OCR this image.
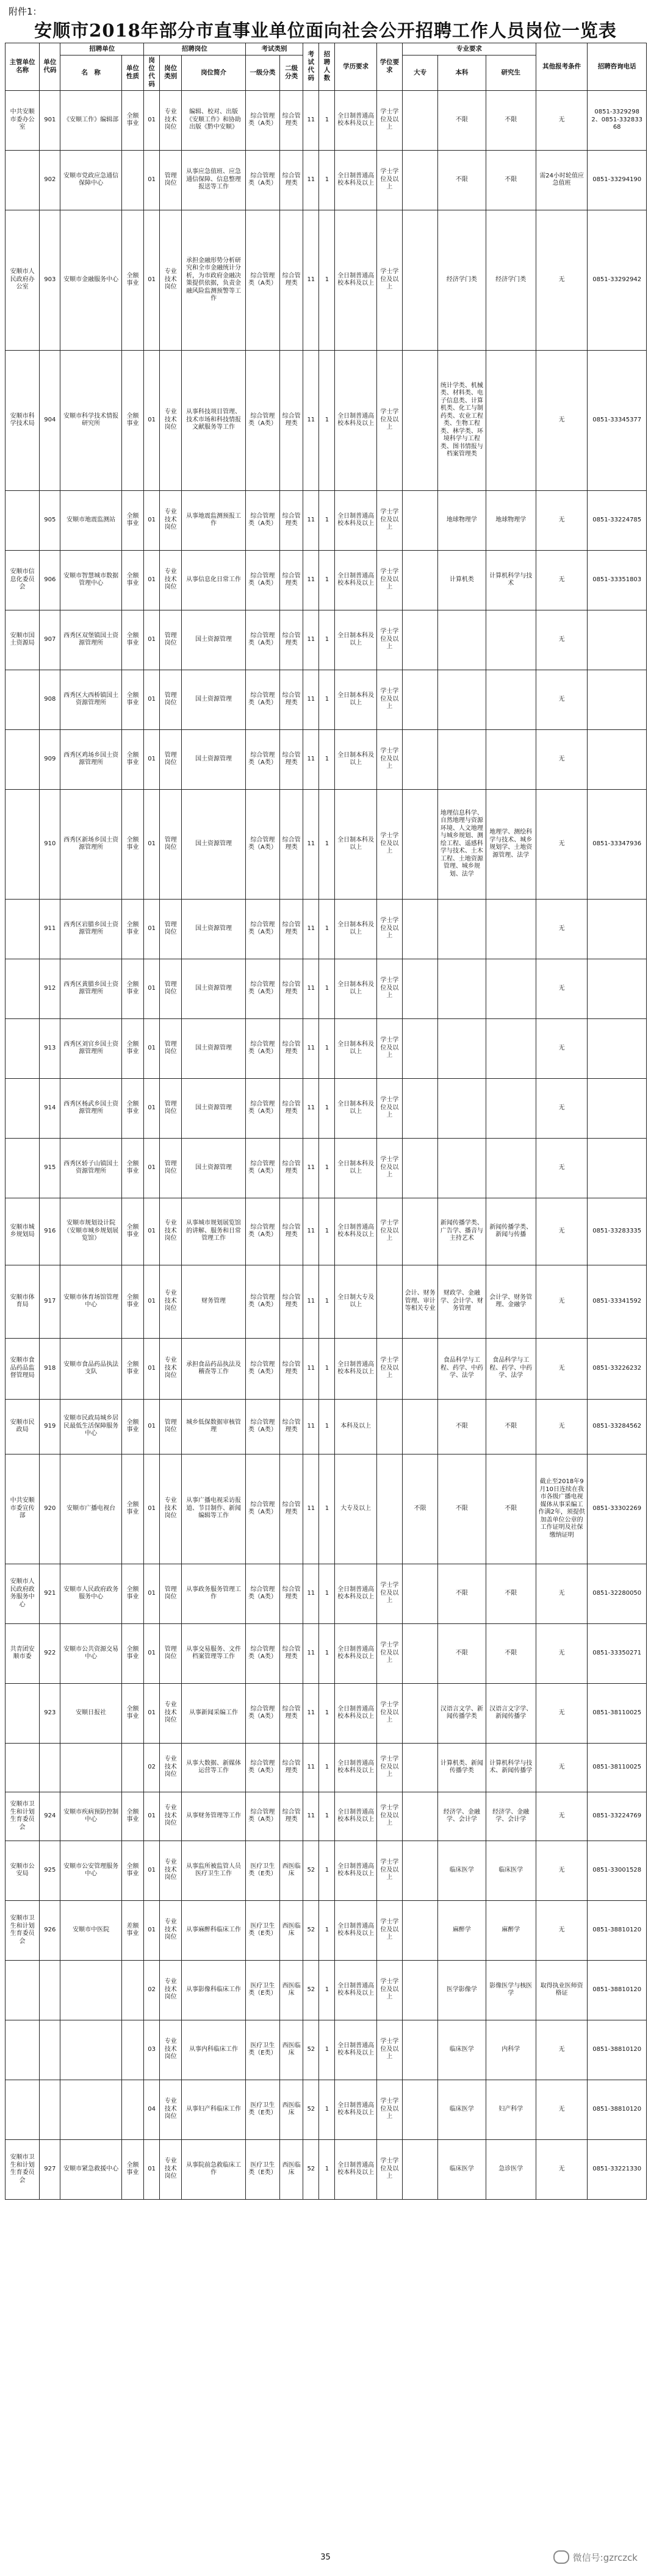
附件1：
安顺市2018年部分市直事业单位面向社会公开招聘工作人员岗位一览表
主管单位名称	单位代码	招聘单位		招聘岗位			考试类别		考试代码	招聘人数	学历要求	学位要求	专业要求			其他报考条件	招聘咨询电话
		名　称	单位性质	岗位代码	岗位类别	岗位简介	一级分类	二级分类					大专	本科	研究生		
中共安顺市委办公室	901	《安顺工作》编辑部	全额事业	01	专业技术岗位	编辑、校对、出版《安顺工作》和协助出版《黔中安顺》	综合管理类（A类）	综合管理类	11	1	全日制普通高校本科及以上	学士学位及以上		不限	不限	无	0851-33292982、0851-33283368
	902	安顺市党政应急通信保障中心		01	管理岗位	从事应急值班、应急通信保障、信息整理报送等工作	综合管理类（A类）	综合管理类	11	1	全日制普通高校本科及以上	学士学位及以上		不限	不限	需24小时轮值应急值班	0851-33294190
安顺市人民政府办公室	903	安顺市金融服务中心	全额事业	01	专业技术岗位	承担金融形势分析研究和全市金融统计分析，为市政府金融决策提供依据，负责金融风险监测预警等工作	综合管理类（A类）	综合管理类	11	1	全日制普通高校本科及以上	学士学位及以上		经济学门类	经济学门类	无	0851-33292942
安顺市科学技术局	904	安顺市科学技术情报研究所	全额事业	01	专业技术岗位	从事科技项目管理、技术市场和科技情报文献服务等工作	综合管理类（A类）	综合管理类	11	1	全日制普通高校本科及以上	学士学位及以上		统计学类、机械类、材料类、电子信息类、计算机类、化工与制药类、农业工程类、生物工程类、林学类、环境科学与工程类、图书情报与档案管理类		无	0851-33345377
	905	安顺市地震监测站	全额事业	01	专业技术岗位	从事地震监测预报工作	综合管理类（A类）	综合管理类	11	1	全日制普通高校本科及以上	学士学位及以上		地球物理学	地球物理学	无	0851-33224785
安顺市信息化委员会	906	安顺市智慧城市数据管理中心	全额事业	01	专业技术岗位	从事信息化日常工作	综合管理类（A类）	综合管理类	11	1	全日制普通高校本科及以上	学士学位及以上		计算机类	计算机科学与技术	无	0851-33351803
安顺市国土资源局	907	西秀区双堡镇国土资源管理所	全额事业	01	管理岗位	国土资源管理	综合管理类（A类）	综合管理类	11	1	全日制本科及以上	学士学位及以上				无	
	908	西秀区大西桥镇国土资源管理所	全额事业	01	管理岗位	国土资源管理	综合管理类（A类）	综合管理类	11	1	全日制本科及以上	学士学位及以上				无	
	909	西秀区鸡场乡国土资源管理所	全额事业	01	管理岗位	国土资源管理	综合管理类（A类）	综合管理类	11	1	全日制本科及以上	学士学位及以上				无	
	910	西秀区新场乡国土资源管理所	全额事业	01	管理岗位	国土资源管理	综合管理类（A类）	综合管理类	11	1	全日制本科及以上	学士学位及以上		地理信息科学、自然地理与资源环境、人文地理与城乡规划、测绘工程、遥感科学与技术、土木工程、土地资源管理、城乡规划、法学	地理学、测绘科学与技术、城乡规划学、土地资源管理、法学	无	0851-33347936
	911	西秀区岩腊乡国土资源管理所	全额事业	01	管理岗位	国土资源管理	综合管理类（A类）	综合管理类	11	1	全日制本科及以上	学士学位及以上				无	
	912	西秀区黄腊乡国土资源管理所	全额事业	01	管理岗位	国土资源管理	综合管理类（A类）	综合管理类	11	1	全日制本科及以上	学士学位及以上				无	
	913	西秀区刘官乡国土资源管理所	全额事业	01	管理岗位	国土资源管理	综合管理类（A类）	综合管理类	11	1	全日制本科及以上	学士学位及以上				无	
	914	西秀区杨武乡国土资源管理所	全额事业	01	管理岗位	国土资源管理	综合管理类（A类）	综合管理类	11	1	全日制本科及以上	学士学位及以上				无	
	915	西秀区轿子山镇国土资源管理所	全额事业	01	管理岗位	国土资源管理	综合管理类（A类）	综合管理类	11	1	全日制本科及以上	学士学位及以上				无	
安顺市城乡规划局	916	安顺市规划设计院（安顺市城乡规划展览馆）	全额事业	01	专业技术岗位	从事城市规划展览馆的讲解、服务和日常管理工作	综合管理类（A类）	综合管理类	11	1	全日制普通高校本科及以上	学士学位及以上		新闻传播学类、广告学、播音与主持艺术	新闻传播学类、新闻与传播	无	0851-33283335
安顺市体育局	917	安顺市体育场馆管理中心	全额事业	01	专业技术岗位	财务管理	综合管理类（A类）	综合管理类	11	1	全日制大专及以上		会计、财务管理、审计等相关专业	财政学、金融学、会计学、财务管理	会计学、财务管理、金融学	无	0851-33341592
安顺市食品药品监督管理局	918	安顺市食品药品执法支队	全额事业	01	专业技术岗位	承担食品药品执法及稽查等工作	综合管理类（A类）	综合管理类	11	1	全日制普通高校本科及以上	学士学位及以上		食品科学与工程、药学、中药学、法学	食品科学与工程、药学、中药学、法学	无	0851-33226232
安顺市民政局	919	安顺市民政局城乡居民最低生活保障服务中心	全额事业	01	管理岗位	城乡低保数据审核管理	综合管理类（A类）	综合管理类	11	1	本科及以上			不限	不限	无	0851-33284562
中共安顺市委宣传部	920	安顺市广播电视台	全额事业	01	专业技术岗位	从事广播电视采访报道、节目制作、新闻编辑等工作	综合管理类（A类）	综合管理类	11	1	大专及以上		不限	不限	不限	截止至2018年9月10日连续在我市各级广播电视媒体从事采编工作满2年，须提供加盖单位公章的工作证明及社保缴纳证明	0851-33302269
安顺市人民政府政务服务中心	921	安顺市人民政府政务服务中心	全额事业	01	管理岗位	从事政务服务管理工作	综合管理类（A类）	综合管理类	11	1	全日制普通高校本科及以上	学士学位及以上		不限	不限	无	0851-32280050
共青团安顺市委	922	安顺市公共资源交易中心	全额事业	01	管理岗位	从事交易服务、文件档案管理等工作	综合管理类（A类）	综合管理类	11	1	全日制普通高校本科及以上	学士学位及以上		不限	不限	无	0851-33350271
	923	安顺日报社	全额事业	01	专业技术岗位	从事新闻采编工作	综合管理类（A类）	综合管理类	11	1	全日制普通高校本科及以上	学士学位及以上		汉语言文学、新闻传播学类	汉语言文字学、新闻传播学	无	0851-38110025
				02	专业技术岗位	从事大数据、新媒体运营等工作	综合管理类（A类）	综合管理类	11	1	全日制普通高校本科及以上	学士学位及以上		计算机类、新闻传播学类	计算机科学与技术、新闻传播学	无	0851-38110025
安顺市卫生和计划生育委员会	924	安顺市疾病预防控制中心	全额事业	01	专业技术岗位	从事财务管理等工作	综合管理类（A类）	综合管理类	11	1	全日制普通高校本科及以上	学士学位及以上		经济学、金融学、会计学	经济学、金融学、会计学	无	0851-33224769
安顺市公安局	925	安顺市公安管理服务中心	全额事业	01	专业技术岗位	从事监所被监管人员医疗卫生工作	医疗卫生类（E类）	西医临床	52	1	全日制普通高校本科及以上	学士学位及以上		临床医学	临床医学	无	0851-33001528
安顺市卫生和计划生育委员会	926	安顺市中医院	差额事业	01	专业技术岗位	从事麻醉科临床工作	医疗卫生类（E类）	西医临床	52	1	全日制普通高校本科及以上	学士学位及以上		麻醉学	麻醉学	无	0851-38810120
				02	专业技术岗位	从事影像科临床工作	医疗卫生类（E类）	西医临床	52	1	全日制普通高校本科及以上	学士学位及以上		医学影像学	影像医学与核医学	取得执业医师资格证	0851-38810120
				03	专业技术岗位	从事内科临床工作	医疗卫生类（E类）	西医临床	52	1	全日制普通高校本科及以上	学士学位及以上		临床医学	内科学	无	0851-38810120
				04	专业技术岗位	从事妇产科临床工作	医疗卫生类（E类）	西医临床	52	1	全日制普通高校本科及以上	学士学位及以上		临床医学	妇产科学	无	0851-38810120
安顺市卫生和计划生育委员会	927	安顺市紧急救援中心	全额事业	01	专业技术岗位	从事院前急救临床工作	医疗卫生类（E类）	西医临床	52	1	全日制普通高校本科及以上	学士学位及以上		临床医学	急诊医学	无	0851-33221330
35	微信号:gzrczck
